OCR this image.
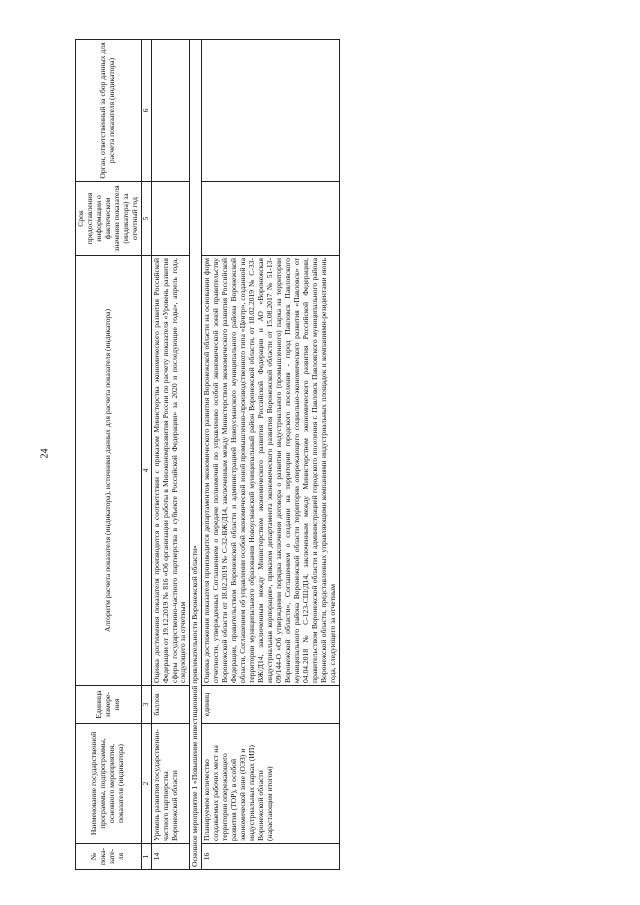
24
№ пока-зате-ля	Наименование государственной программы, подпрограммы, основного мероприятия, показателя (индикатора)	Единица измере-ния	Алгоритм расчета показателя (индикатора), источники данных для расчета показателя (индикатора)	Срок предоставления информации о фактическом значении показателя (индикатора) за отчетный год	Орган, ответственный за сбор данных для расчета показателя (индикатора)
1	2	3	4	5	6
14	Уровень развития государственно-частного партнерства Воронежской области	баллов	Оценка достижения показателя производится в соответствии с приказом Министерства экономического развития Российской Федерации от 19.12.2019 № 816 «Об организации работы в Минэкономразвития России по расчету показателя «Уровень развития сферы государственно-частного партнерства в субъекте Российской Федерации» за 2020 и последующие годы», апрель года, следующего за отчетным		
Основное мероприятие 1 «Повышение инвестиционной привлекательности Воронежской области»					
16	Планируемое количество создаваемых рабочих мест на территории опережающего развития (ТОР), в особой экономической зоне (ОЭЗ) и индустриальных парках (ИП) Воронежской области (нарастающим итогом)	единиц	Оценка достижения показателя производится департаментом экономического развития Воронежской области на основании форм отчетности, утвержденных Соглашением о передаче полномочий по управлению особой экономической зоной правительству Воронежской области от 18.02.2019 № С-32-ВЖ/Д14, заключенным между Министерством экономического развития Российской Федерации, правительством Воронежской области и администрацией Новоусманского муниципального района Воронежской области, Соглашением об управлении особой экономической зоной промышленно-производственного типа «Центр», созданной на территории муниципального образования Новоусманский муниципальный район Воронежской области, от 18.02.2019 № С-33-ВЖ/Д14, заключенным между Министерством экономического развития Российской Федерации и АО «Воронежская индустриальная корпорация», приказом департамента экономического развития Воронежской области от 15.08.2017 № 51-13-09/144-О «Об утверждении порядка заключения договора о развитии индустриального (промышленного) парка на территории Воронежской области», Соглашением о создании на территории городского поселения - город Павловск Павловского муниципального района Воронежской области территории опережающего социально-экономического развития «Павловск» от 04.04.2018 № С-123-СШ/Д14, заключенным между Министерством экономического развития Российской Федерации, правительством Воронежской области и администрацией городского поселения г. Павловск Павловского муниципального района Воронежской области, представленных управляющими компаниями индустриальных площадок и компаниями-резидентами июнь года, следующего за отчетным		
